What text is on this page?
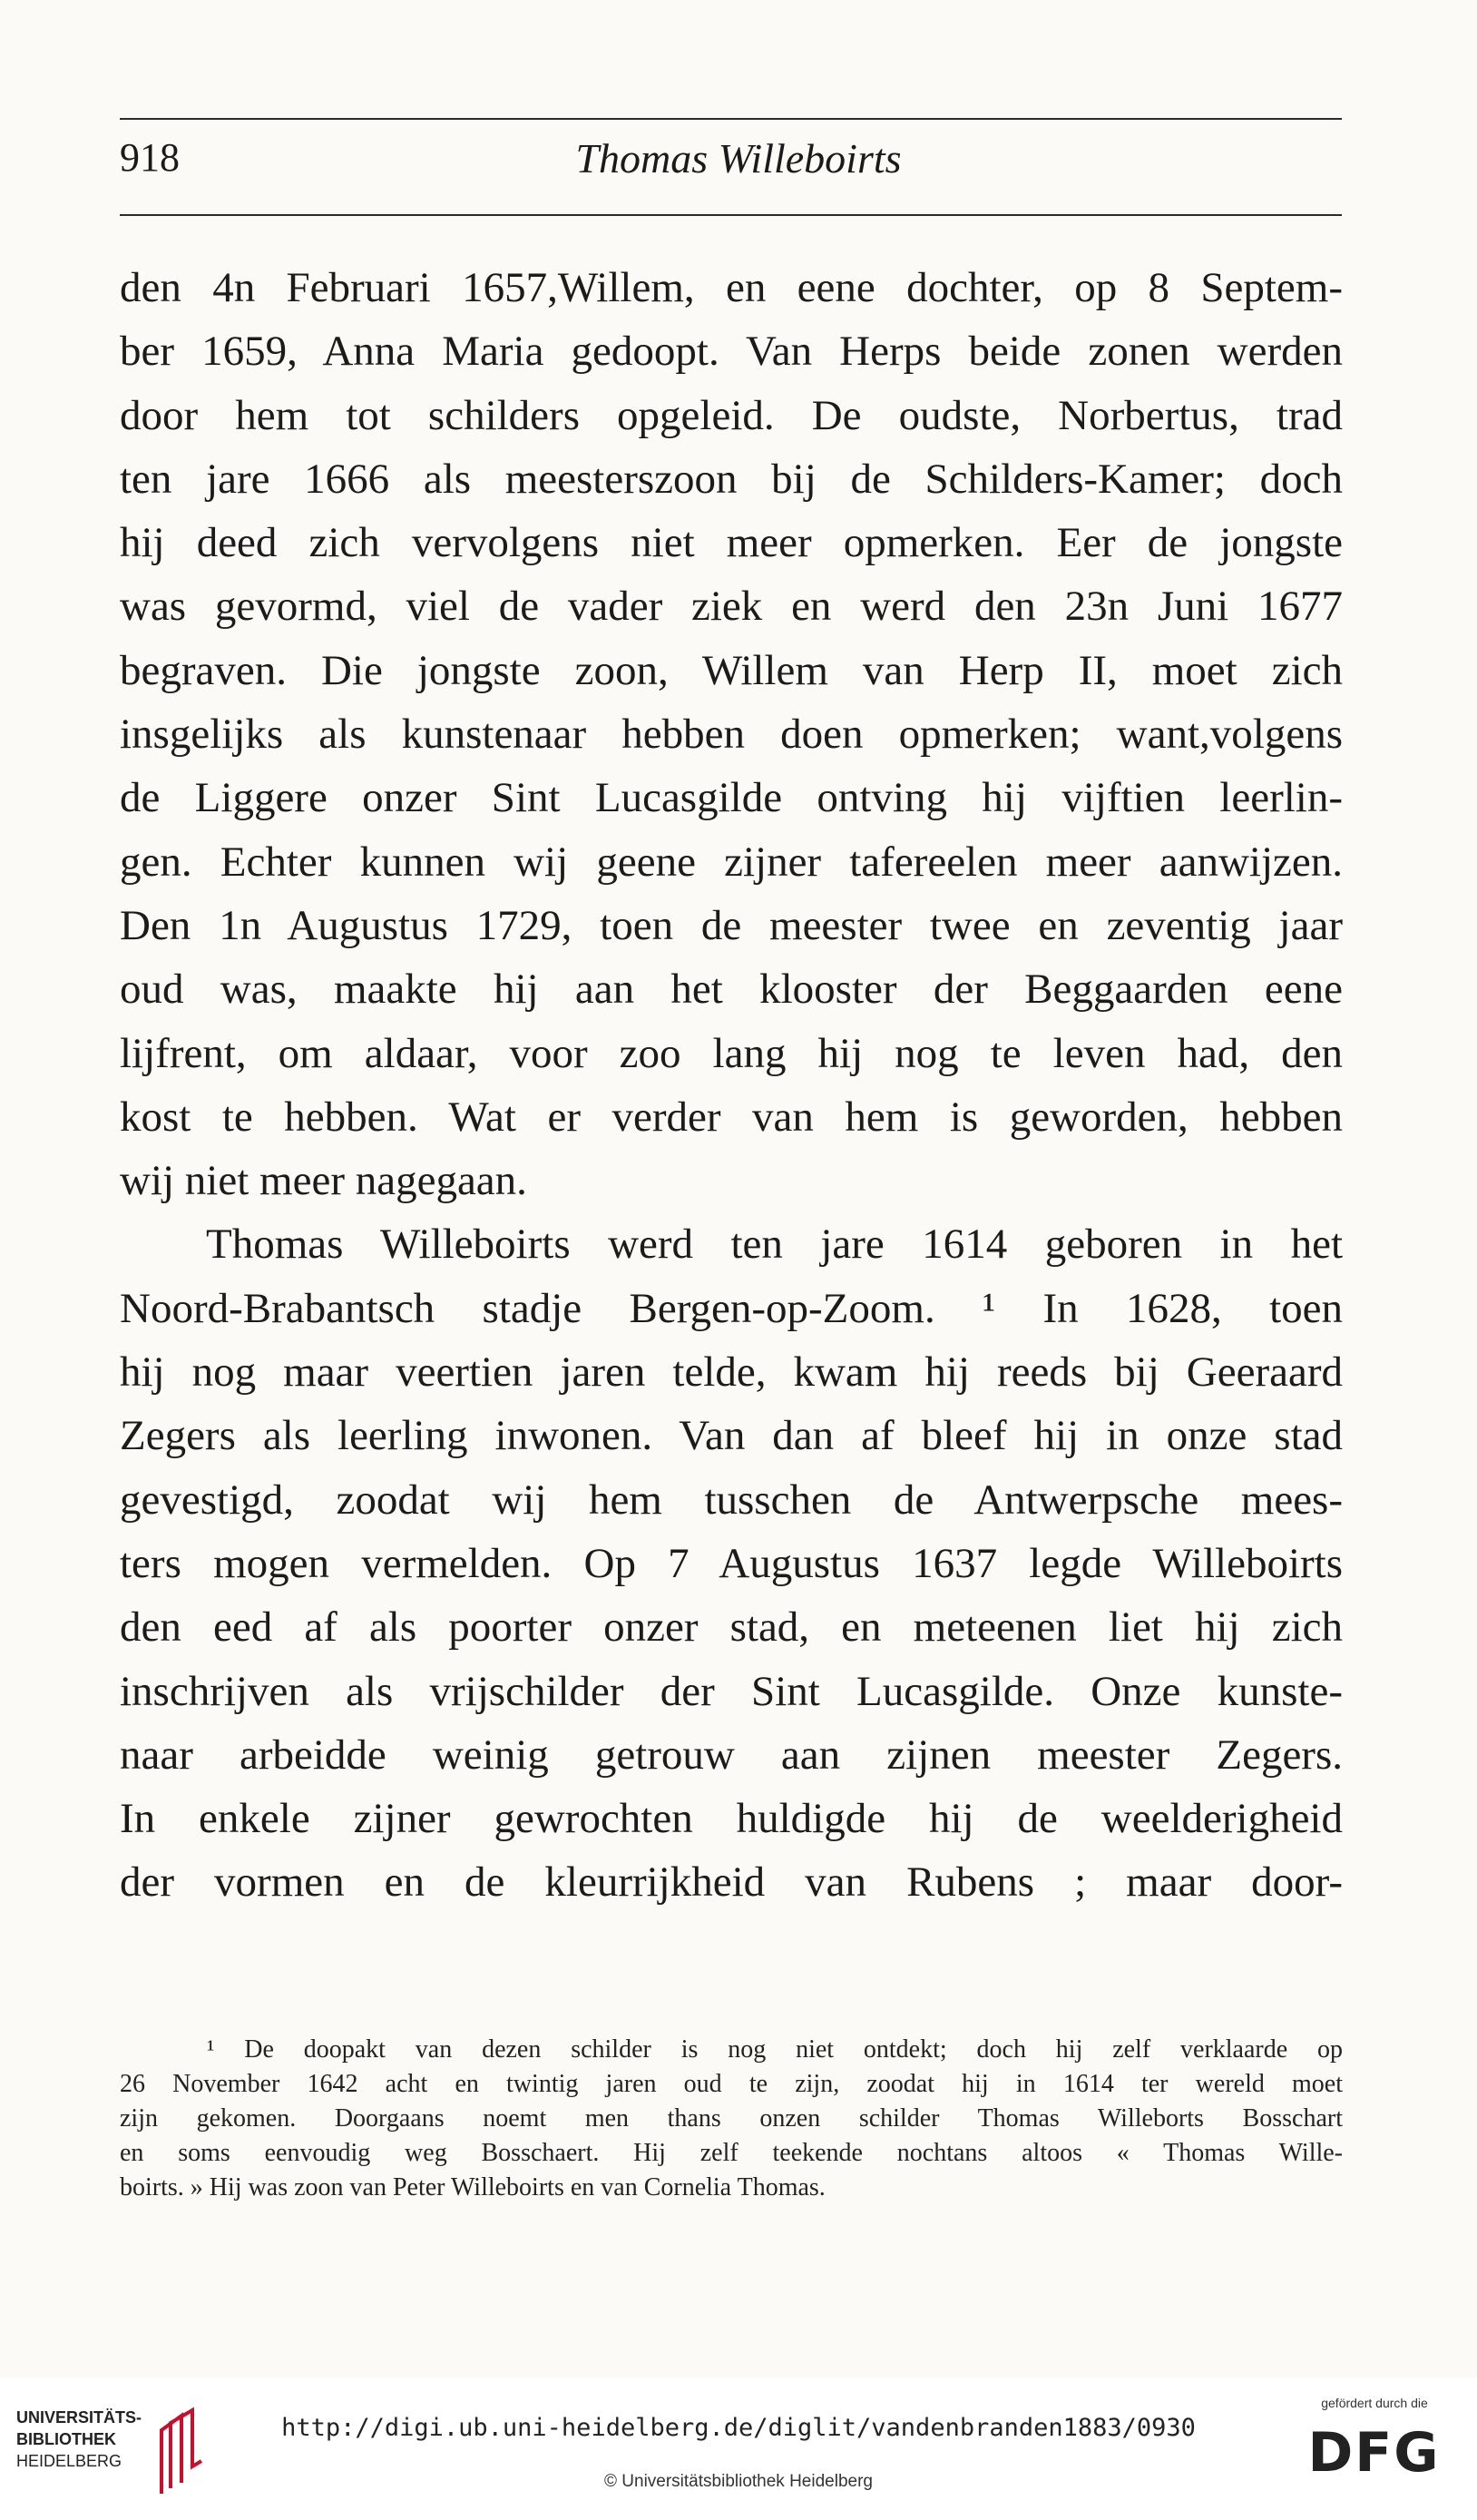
918	Thomas Willeboirts
den 4n Februari 1657,Willem, en eene dochter, op 8 Septem-
ber 1659, Anna Maria gedoopt. Van Herps beide zonen werden
door hem tot schilders opgeleid. De oudste, Norbertus, trad
ten jare 1666 als meesterszoon bij de Schilders-Kamer; doch
hij deed zich vervolgens niet meer opmerken. Eer de jongste
was gevormd, viel de vader ziek en werd den 23n Juni 1677
begraven. Die jongste zoon, Willem van Herp II, moet zich
insgelijks als kunstenaar hebben doen opmerken; want,volgens
de Liggere onzer Sint Lucasgilde ontving hij vijftien leerlin-
gen. Echter kunnen wij geene zijner tafereelen meer aanwijzen.
Den 1n Augustus 1729, toen de meester twee en zeventig jaar
oud was, maakte hij aan het klooster der Beggaarden eene
lijfrent, om aldaar, voor zoo lang hij nog te leven had, den
kost te hebben. Wat er verder van hem is geworden, hebben
wij niet meer nagegaan.
Thomas Willeboirts werd ten jare 1614 geboren in het
Noord-Brabantsch stadje Bergen-op-Zoom. ¹ In 1628, toen
hij nog maar veertien jaren telde, kwam hij reeds bij Geeraard
Zegers als leerling inwonen. Van dan af bleef hij in onze stad
gevestigd, zoodat wij hem tusschen de Antwerpsche mees-
ters mogen vermelden. Op 7 Augustus 1637 legde Willeboirts
den eed af als poorter onzer stad, en meteenen liet hij zich
inschrijven als vrijschilder der Sint Lucasgilde. Onze kunste-
naar arbeidde weinig getrouw aan zijnen meester Zegers.
In enkele zijner gewrochten huldigde hij de weelderigheid
der vormen en de kleurrijkheid van Rubens ; maar door-
¹ De doopakt van dezen schilder is nog niet ontdekt; doch hij zelf verklaarde op
26 November 1642 acht en twintig jaren oud te zijn, zoodat hij in 1614 ter wereld moet
zijn gekomen. Doorgaans noemt men thans onzen schilder Thomas Willeborts Bosschart
en soms eenvoudig weg Bosschaert. Hij zelf teekende nochtans altoos « Thomas Wille-
boirts. » Hij was zoon van Peter Willeboirts en van Cornelia Thomas.
UNIVERSITÄTS-
BIBLIOTHEK
HEIDELBERG
http://digi.ub.uni-heidelberg.de/diglit/vandenbranden1883/0930
© Universitätsbibliothek Heidelberg
gefördert durch die
DFG
